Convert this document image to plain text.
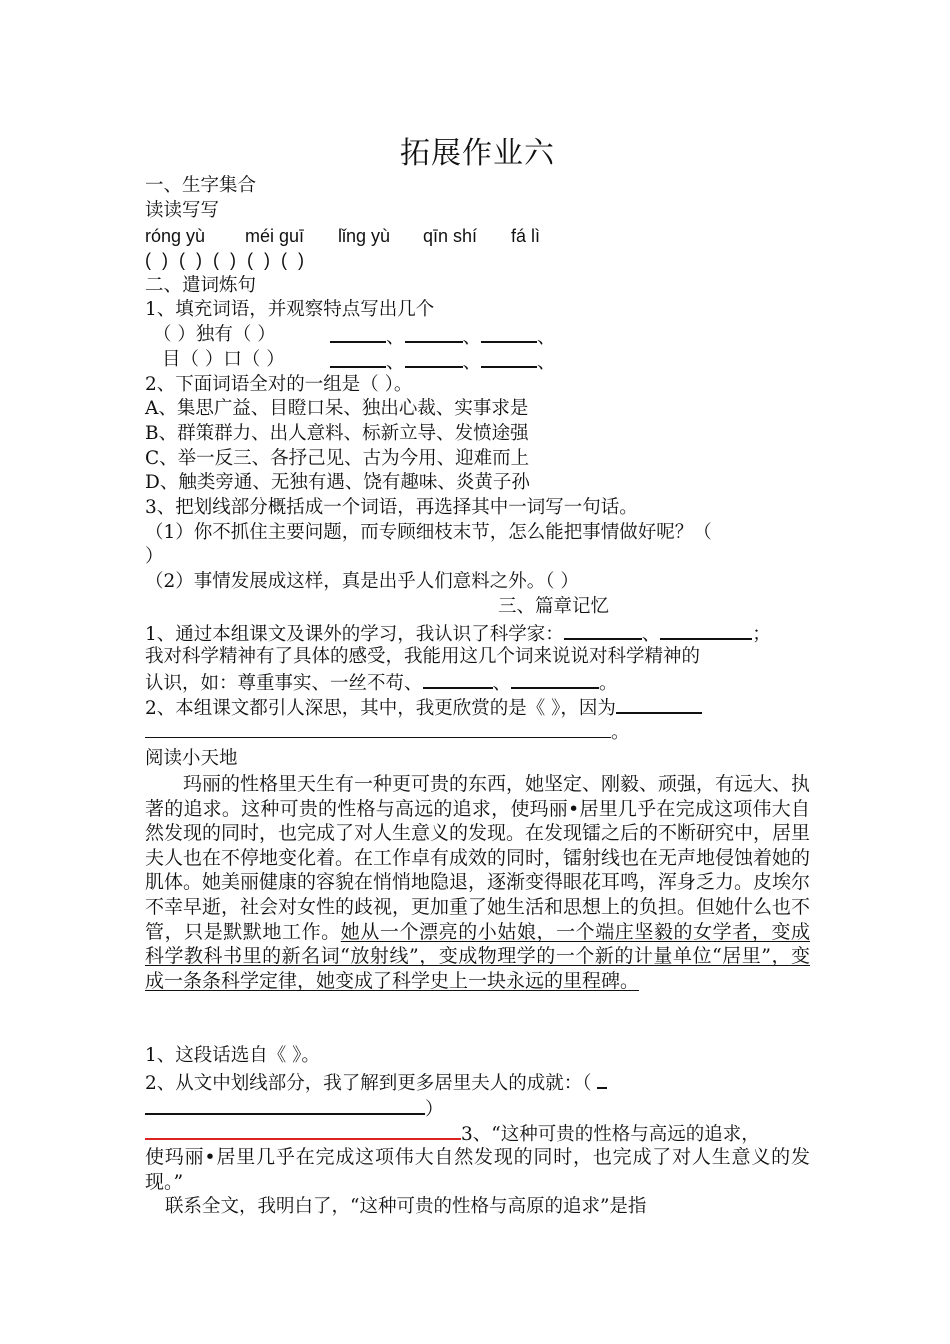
拓展作业六
一、生字集合
读读写写
róng yù méi guī lǐng yù qīn shí fá lì
( ) ( ) ( ) ( ) ( )
二、遣词炼句
1、填充词语，并观察特点写出几个
（ ）独有（ ）	、	、	、
目（ ）口（ ）	、	、	、
2、下面词语全对的一组是（ ）。
A、集思广益、目瞪口呆、独出心裁、实事求是
B、群策群力、出人意料、标新立导、发愤途强
C、举一反三、各抒己见、古为今用、迎难而上
D、触类旁通、无独有遇、饶有趣味、炎黄子孙
3、把划线部分概括成一个词语，再选择其中一词写一句话。
（1）你不抓住主要问题，而专顾细枝末节，怎么能把事情做好呢？（
）
（2）事情发展成这样，真是出乎人们意料之外。（ ）
三、篇章记忆
1、通过本组课文及课外的学习，我认识了科学家：	、	；
我对科学精神有了具体的感受，我能用这几个词来说说对科学精神的
认识，如：尊重事实、一丝不苟、	、	。
2、本组课文都引人深思，其中，我更欣赏的是《 》，因为
。
阅读小天地
玛丽的性格里天生有一种更可贵的东西，她坚定、刚毅、顽强，有远大、执著的追求。这种可贵的性格与高远的追求，使玛丽•居里几乎在完成这项伟大自然发现的同时，也完成了对人生意义的发现。在发现镭之后的不断研究中，居里夫人也在不停地变化着。在工作卓有成效的同时，镭射线也在无声地侵蚀着她的肌体。她美丽健康的容貌在悄悄地隐退，逐渐变得眼花耳鸣，浑身乏力。皮埃尔不幸早逝，社会对女性的歧视，更加重了她生活和思想上的负担。但她什么也不管，只是默默地工作。她从一个漂亮的小姑娘，一个端庄坚毅的女学者，变成科学教科书里的新名词“放射线”，变成物理学的一个新的计量单位“居里”，变成一条条科学定律，她变成了科学史上一块永远的里程碑。
1、这段话选自《 》。
2、从文中划线部分，我了解到更多居里夫人的成就：（
）
3、“这种可贵的性格与高远的追求，
使玛丽•居里几乎在完成这项伟大自然发现的同时，也完成了对人生意义的发现。”
联系全文，我明白了，“这种可贵的性格与高原的追求”是指
